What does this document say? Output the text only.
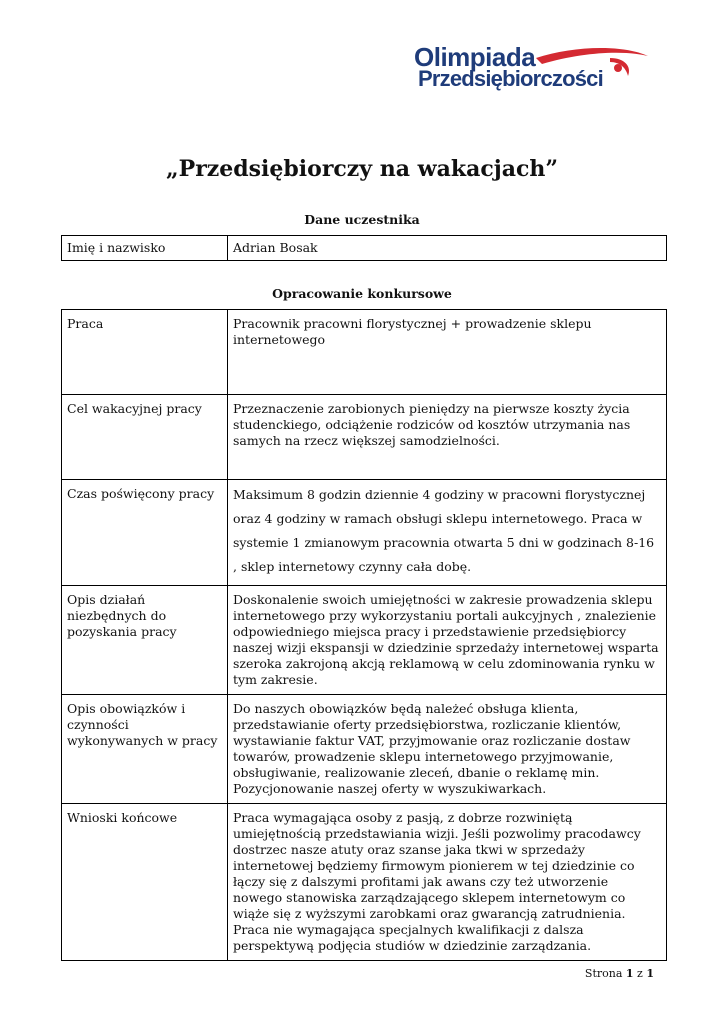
Olimpiada
Przedsiębiorczości
„Przedsiębiorczy na wakacjach”
Dane uczestnika
Imię i nazwisko	Adrian Bosak
Opracowanie konkursowe
Praca	Pracownik pracowni florystycznej + prowadzenie sklepu internetowego
Cel wakacyjnej pracy	Przeznaczenie zarobionych pieniędzy na pierwsze koszty życia studenckiego, odciążenie rodziców od kosztów utrzymania nas samych na rzecz większej samodzielności.
Czas poświęcony pracy	Maksimum 8 godzin dziennie 4 godziny w pracowni florystycznej oraz 4 godziny w ramach obsługi sklepu internetowego. Praca w systemie 1 zmianowym pracownia otwarta 5 dni w godzinach 8-16 , sklep internetowy czynny cała dobę.
Opis działań niezbędnych do pozyskania pracy	Doskonalenie swoich umiejętności w zakresie prowadzenia sklepu internetowego przy wykorzystaniu portali aukcyjnych , znalezienie odpowiedniego miejsca pracy i przedstawienie przedsiębiorcy naszej wizji ekspansji w dziedzinie sprzedaży internetowej wsparta szeroka zakrojoną akcją reklamową w celu zdominowania rynku w tym zakresie.
Opis obowiązków i czynności wykonywanych w pracy	Do naszych obowiązków będą należeć obsługa klienta, przedstawianie oferty przedsiębiorstwa, rozliczanie klientów, wystawianie faktur VAT, przyjmowanie oraz rozliczanie dostaw towarów, prowadzenie sklepu internetowego przyjmowanie, obsługiwanie, realizowanie zleceń, dbanie o reklamę min. Pozycjonowanie naszej oferty w wyszukiwarkach.
Wnioski końcowe	Praca wymagająca osoby z pasją, z dobrze rozwiniętą umiejętnością przedstawiania wizji. Jeśli pozwolimy pracodawcy dostrzec nasze atuty oraz szanse jaka tkwi w sprzedaży internetowej będziemy firmowym pionierem w tej dziedzinie co łączy się z dalszymi profitami jak awans czy też utworzenie nowego stanowiska zarządzającego sklepem internetowym co wiąże się z wyższymi zarobkami oraz gwarancją zatrudnienia. Praca nie wymagająca specjalnych kwalifikacji z dalsza perspektywą podjęcia studiów w dziedzinie zarządzania.
Strona 1 z 1
